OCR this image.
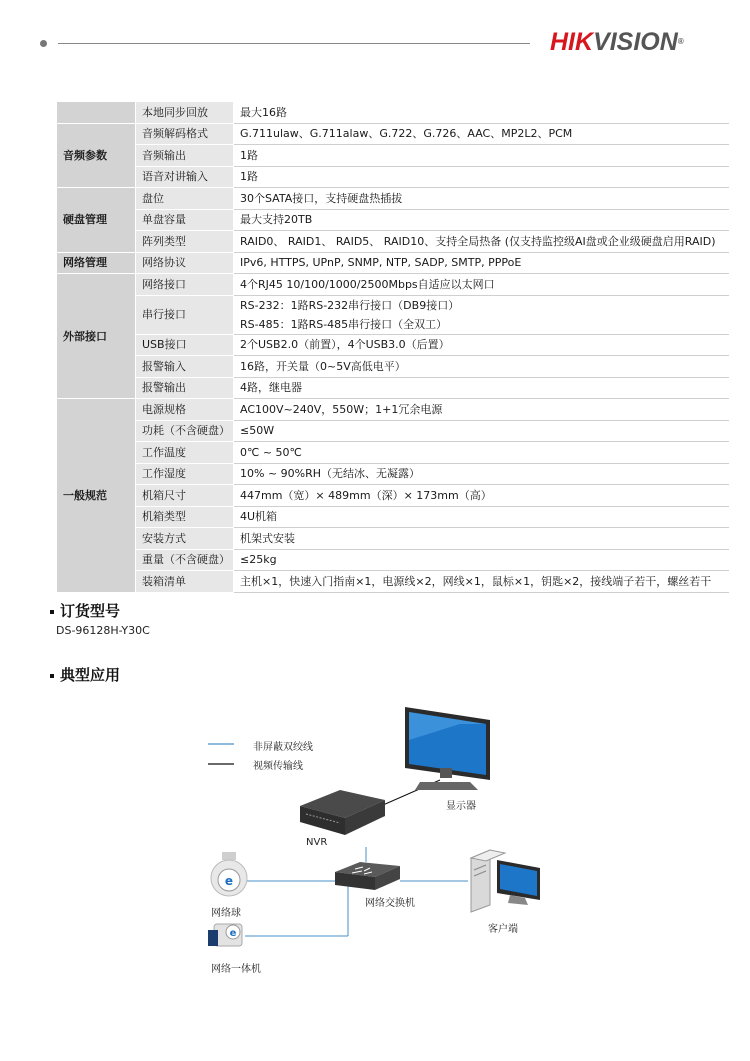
HIKVISION®
	本地同步回放	最大16路
音频参数	音频解码格式	G.711ulaw、G.711alaw、G.722、G.726、AAC、MP2L2、PCM
	音频输出	1路
	语音对讲输入	1路
硬盘管理	盘位	30个SATA接口，支持硬盘热插拔
	单盘容量	最大支持20TB
	阵列类型	RAID0、 RAID1、 RAID5、 RAID10、支持全局热备 (仅支持监控级AI盘或企业级硬盘启用RAID)
网络管理	网络协议	IPv6, HTTPS, UPnP, SNMP, NTP, SADP, SMTP, PPPoE
外部接口	网络接口	4个RJ45 10/100/1000/2500Mbps自适应以太网口
	串行接口	RS-232：1路RS-232串行接口（DB9接口）
RS-485：1路RS-485串行接口（全双工）

	USB接口	2个USB2.0（前置），4个USB3.0（后置）
	报警输入	16路，开关量（0~5V高低电平）
	报警输出	4路，继电器
一般规范	电源规格	AC100V~240V，550W；1+1冗余电源
	功耗（不含硬盘）	≤50W
	工作温度	0℃ ~ 50℃
	工作湿度	10% ~ 90%RH（无结冰、无凝露）
	机箱尺寸	447mm（宽）× 489mm（深）× 173mm（高）
	机箱类型	4U机箱
	安装方式	机架式安装
	重量（不含硬盘）	≤25kg
	装箱清单	主机×1，快速入门指南×1，电源线×2，网线×1，鼠标×1，钥匙×2，接线端子若干，螺丝若干
订货型号
DS-96128H-Y30C
典型应用
e
e
非屏蔽双绞线
视频传输线
显示器
NVR
网络交换机
网络球
客户端
网络一体机
